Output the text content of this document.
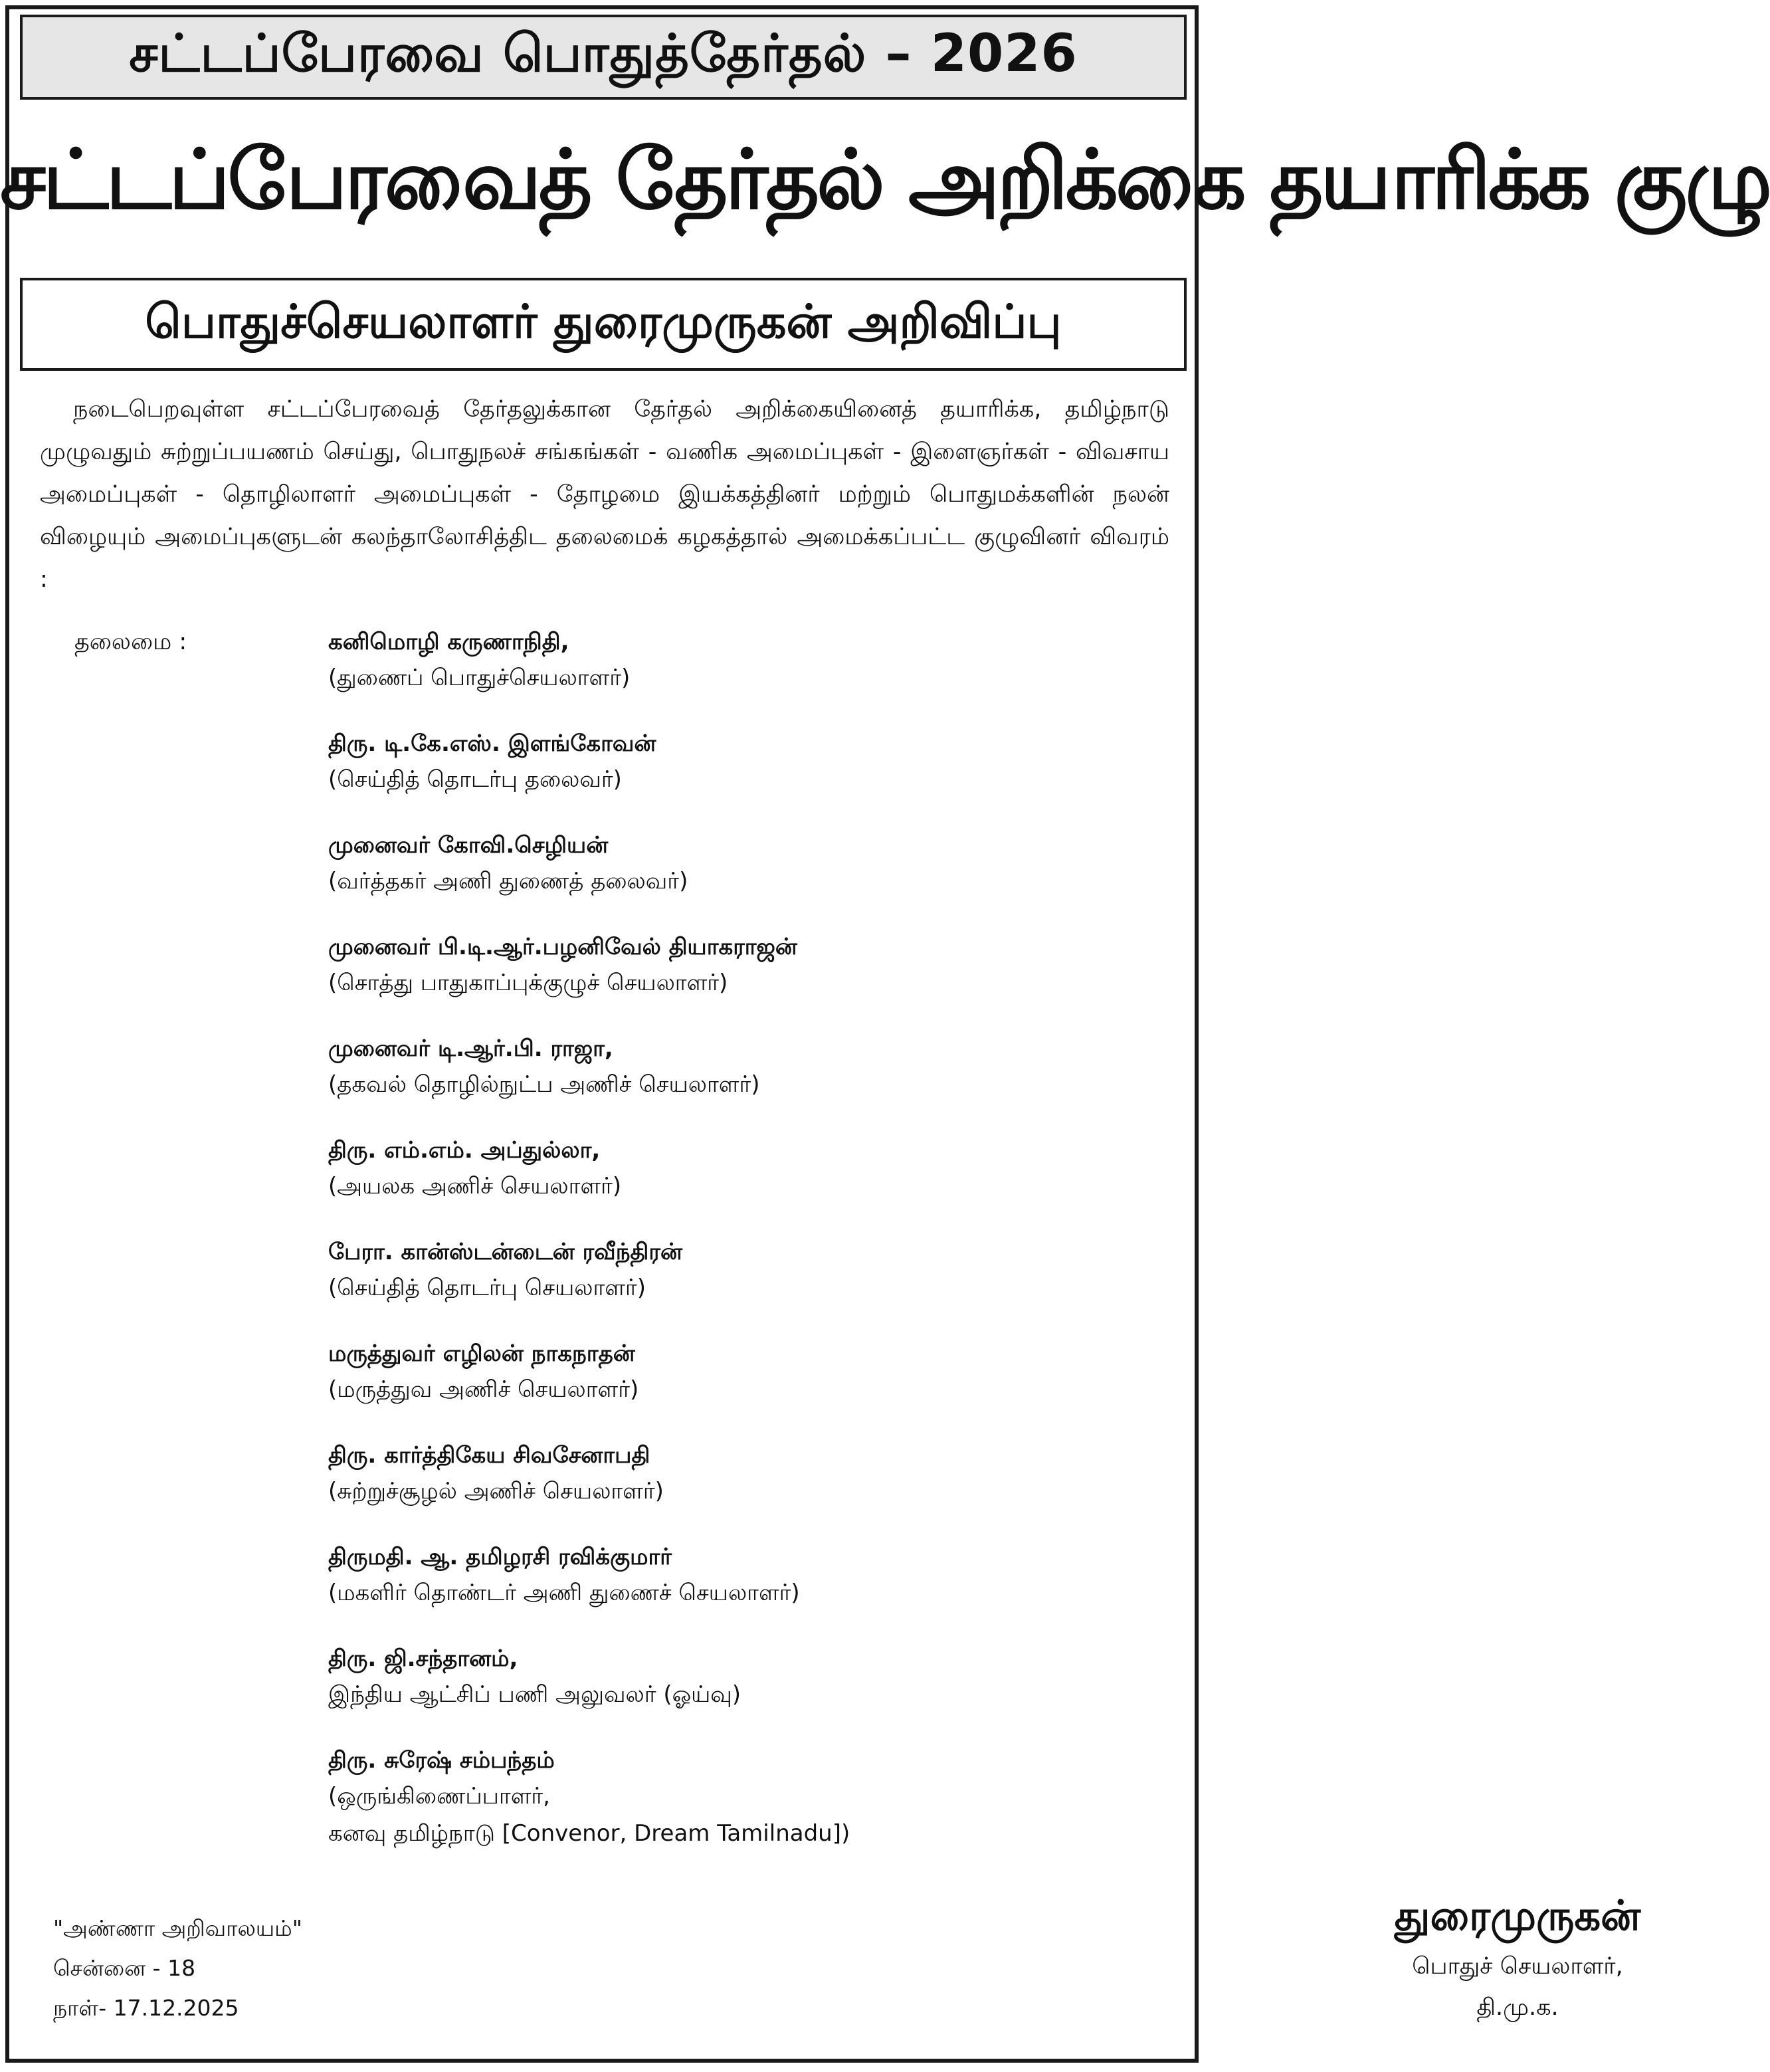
சட்டப்பேரவை பொதுத்தேர்தல் – 2026
சட்டப்பேரவைத் தேர்தல் அறிக்கை தயாரிக்க குழு
பொதுச்செயலாளர் துரைமுருகன் அறிவிப்பு

நடைபெறவுள்ள சட்டப்பேரவைத் தேர்தலுக்கான தேர்தல் அறிக்கையினைத் தயாரிக்க, தமிழ்நாடு முழுவதும் சுற்றுப்பயணம் செய்து, பொதுநலச் சங்கங்கள் - வணிக அமைப்புகள் - இளைஞர்கள் - விவசாய அமைப்புகள் - தொழிலாளர் அமைப்புகள் - தோழமை இயக்கத்தினர் மற்றும் பொதுமக்களின் நலன் விழையும் அமைப்புகளுடன் கலந்தாலோசித்திட தலைமைக் கழகத்தால் அமைக்கப்பட்ட குழுவினர் விவரம் :

தலைமை :	கனிமொழி கருணாநிதி,
(துணைப் பொதுச்செயலாளர்)
திரு. டி.கே.எஸ். இளங்கோவன்
(செய்தித் தொடர்பு தலைவர்)
முனைவர் கோவி.செழியன்
(வர்த்தகர் அணி துணைத் தலைவர்)
முனைவர் பி.டி.ஆர்.பழனிவேல் தியாகராஜன்
(சொத்து பாதுகாப்புக்குழுச் செயலாளர்)
முனைவர் டி.ஆர்.பி. ராஜா,
(தகவல் தொழில்நுட்ப அணிச் செயலாளர்)
திரு. எம்.எம். அப்துல்லா,
(அயலக அணிச் செயலாளர்)
பேரா. கான்ஸ்டன்டைன் ரவீந்திரன்
(செய்தித் தொடர்பு செயலாளர்)
மருத்துவர் எழிலன் நாகநாதன்
(மருத்துவ அணிச் செயலாளர்)
திரு. கார்த்திகேய சிவசேனாபதி
(சுற்றுச்சூழல் அணிச் செயலாளர்)
திருமதி. ஆ. தமிழரசி ரவிக்குமார்
(மகளிர் தொண்டர் அணி துணைச் செயலாளர்)
திரு. ஜி.சந்தானம்,
இந்திய ஆட்சிப் பணி அலுவலர் (ஓய்வு)
திரு. சுரேஷ் சம்பந்தம்
(ஒருங்கிணைப்பாளர்,
கனவு தமிழ்நாடு [Convenor, Dream Tamilnadu])
"அண்ணா அறிவாலயம்"
சென்னை - 18
நாள்- 17.12.2025
துரைமுருகன்
பொதுச் செயலாளர்,
தி.மு.க.
